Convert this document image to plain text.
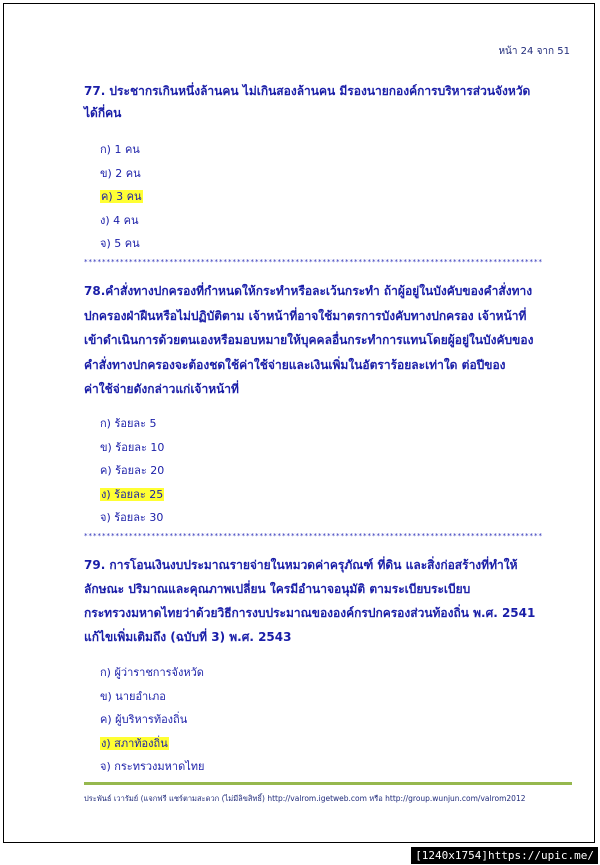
หน้า 24 จาก 51
77. ประชากรเกินหนึ่งล้านคน ไม่เกินสองล้านคน มีรองนายกองค์การบริหารส่วนจังหวัด
ได้กี่คน
ก) 1 คน
ข) 2 คน
ค) 3 คน
ง) 4 คน
จ) 5 คน
******************************************************************************************************
78.คำสั่งทางปกครองที่กำหนดให้กระทำหรือละเว้นกระทำ ถ้าผู้อยู่ในบังคับของคำสั่งทาง
ปกครองฝ่าฝืนหรือไม่ปฏิบัติตาม เจ้าหน้าที่อาจใช้มาตรการบังคับทางปกครอง เจ้าหน้าที่
เข้าดำเนินการด้วยตนเองหรือมอบหมายให้บุคคลอื่นกระทำการแทนโดยผู้อยู่ในบังคับของ
คำสั่งทางปกครองจะต้องชดใช้ค่าใช้จ่ายและเงินเพิ่มในอัตราร้อยละเท่าใด ต่อปีของ
ค่าใช้จ่ายดังกล่าวแก่เจ้าหน้าที่
ก) ร้อยละ 5
ข) ร้อยละ 10
ค) ร้อยละ 20
ง) ร้อยละ 25
จ) ร้อยละ 30
******************************************************************************************************
79. การโอนเงินงบประมาณรายจ่ายในหมวดค่าครุภัณฑ์ ที่ดิน และสิ่งก่อสร้างที่ทำให้
ลักษณะ ปริมาณและคุณภาพเปลี่ยน ใครมีอำนาจอนุมัติ ตามระเบียบระเบียบ
กระทรวงมหาดไทยว่าด้วยวิธีการงบประมาณขององค์กรปกครองส่วนท้องถิ่น พ.ศ. 2541
แก้ไขเพิ่มเติมถึง (ฉบับที่ 3) พ.ศ. 2543
ก) ผู้ว่าราชการจังหวัด
ข) นายอำเภอ
ค) ผู้บริหารท้องถิ่น
ง) สภาท้องถิ่น
จ) กระทรวงมหาดไทย
ประพันธ์ เวารัมย์ (แจกฟรี แชร์ตามสะดวก (ไม่มีลิขสิทธิ์) http://valrom.igetweb.com หรือ http://group.wunjun.com/valrom2012
[1240x1754]https://upic.me/
